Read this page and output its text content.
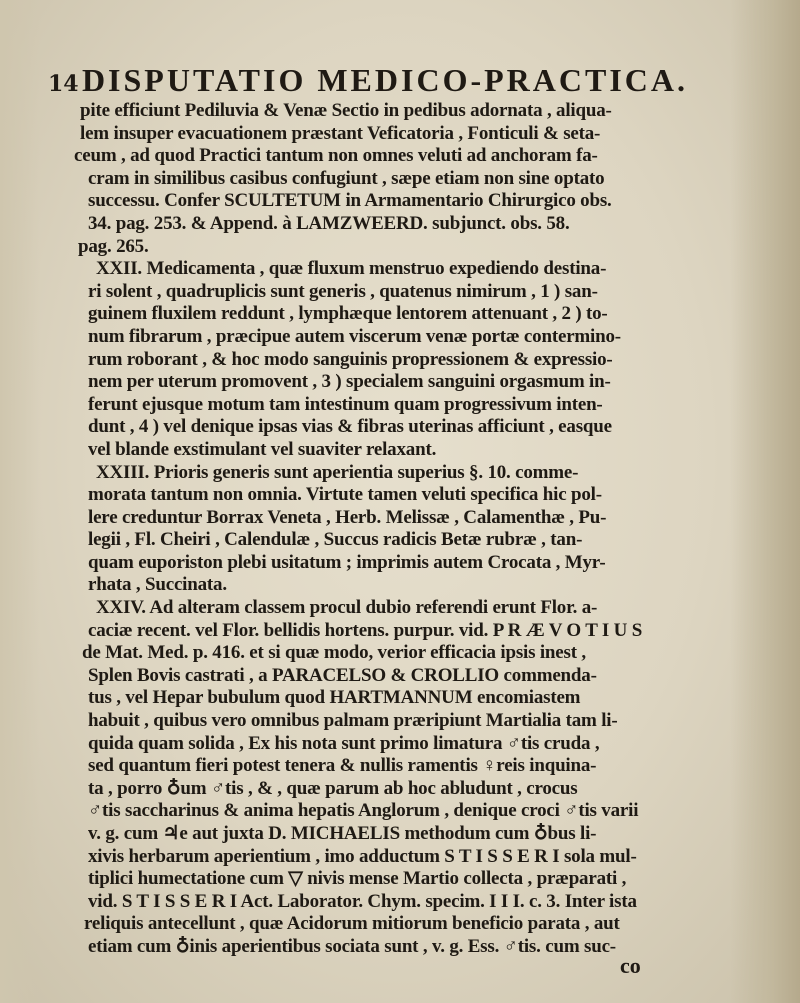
14 DISPUTATIO MEDICO-PRACTICA.
pite efficiunt Pediluvia & Venæ Sectio in pedibus adornata , aliqua-
lem insuper evacuationem præstant Veficatoria , Fonticuli & seta-
ceum , ad quod Practici tantum non omnes veluti ad anchoram fa-
cram in similibus casibus confugiunt , sæpe etiam non sine optato
successu. Confer SCULTETUM in Armamentario Chirurgico obs.
34. pag. 253. & Append. à LAMZWEERD. subjunct. obs. 58.
pag. 265.
XXII. Medicamenta , quæ fluxum menstruo expediendo destina-
ri solent , quadruplicis sunt generis , quatenus nimirum , 1 ) san-
guinem fluxilem reddunt , lymphæque lentorem attenuant , 2 ) to-
num fibrarum , præcipue autem viscerum venæ portæ contermino-
rum roborant , & hoc modo sanguinis propressionem & expressio-
nem per uterum promovent , 3 ) specialem sanguini orgasmum in-
ferunt ejusque motum tam intestinum quam progressivum inten-
dunt , 4 ) vel denique ipsas vias & fibras uterinas afficiunt , easque
vel blande exstimulant vel suaviter relaxant.
XXIII. Prioris generis sunt aperientia superius §. 10. comme-
morata tantum non omnia. Virtute tamen veluti specifica hic pol-
lere creduntur Borrax Veneta , Herb. Melissæ , Calamenthæ , Pu-
legii , Fl. Cheiri , Calendulæ , Succus radicis Betæ rubræ , tan-
quam euporiston plebi usitatum ; imprimis autem Crocata , Myr-
rhata , Succinata.
XXIV. Ad alteram classem procul dubio referendi erunt Flor. a-
caciæ recent. vel Flor. bellidis hortens. purpur. vid. P R Æ V O T I U S
de Mat. Med. p. 416. et si quæ modo, verior efficacia ipsis inest ,
Splen Bovis castrati , a PARACELSO & CROLLIO commenda-
tus , vel Hepar bubulum quod HARTMANNUM encomiastem
habuit , quibus vero omnibus palmam præripiunt Martialia tam li-
quida quam solida , Ex his nota sunt primo limatura ♂tis cruda ,
sed quantum fieri potest tenera & nullis ramentis ♀reis inquina-
ta , porro ♁um ♂tis , & , quæ parum ab hoc abludunt , crocus
♂tis saccharinus & anima hepatis Anglorum , denique croci ♂tis varii
v. g. cum ♃e aut juxta D. MICHAELIS methodum cum ♁bus li-
xivis herbarum aperientium , imo adductum S T I S S E R I sola mul-
tiplici humectatione cum ▽ nivis mense Martio collecta , præparati ,
vid. S T I S S E R I Act. Laborator. Chym. specim. I I I. c. 3. Inter ista
reliquis antecellunt , quæ Acidorum mitiorum beneficio parata , aut
etiam cum ♁inis aperientibus sociata sunt , v. g. Ess. ♂tis. cum suc-
co
